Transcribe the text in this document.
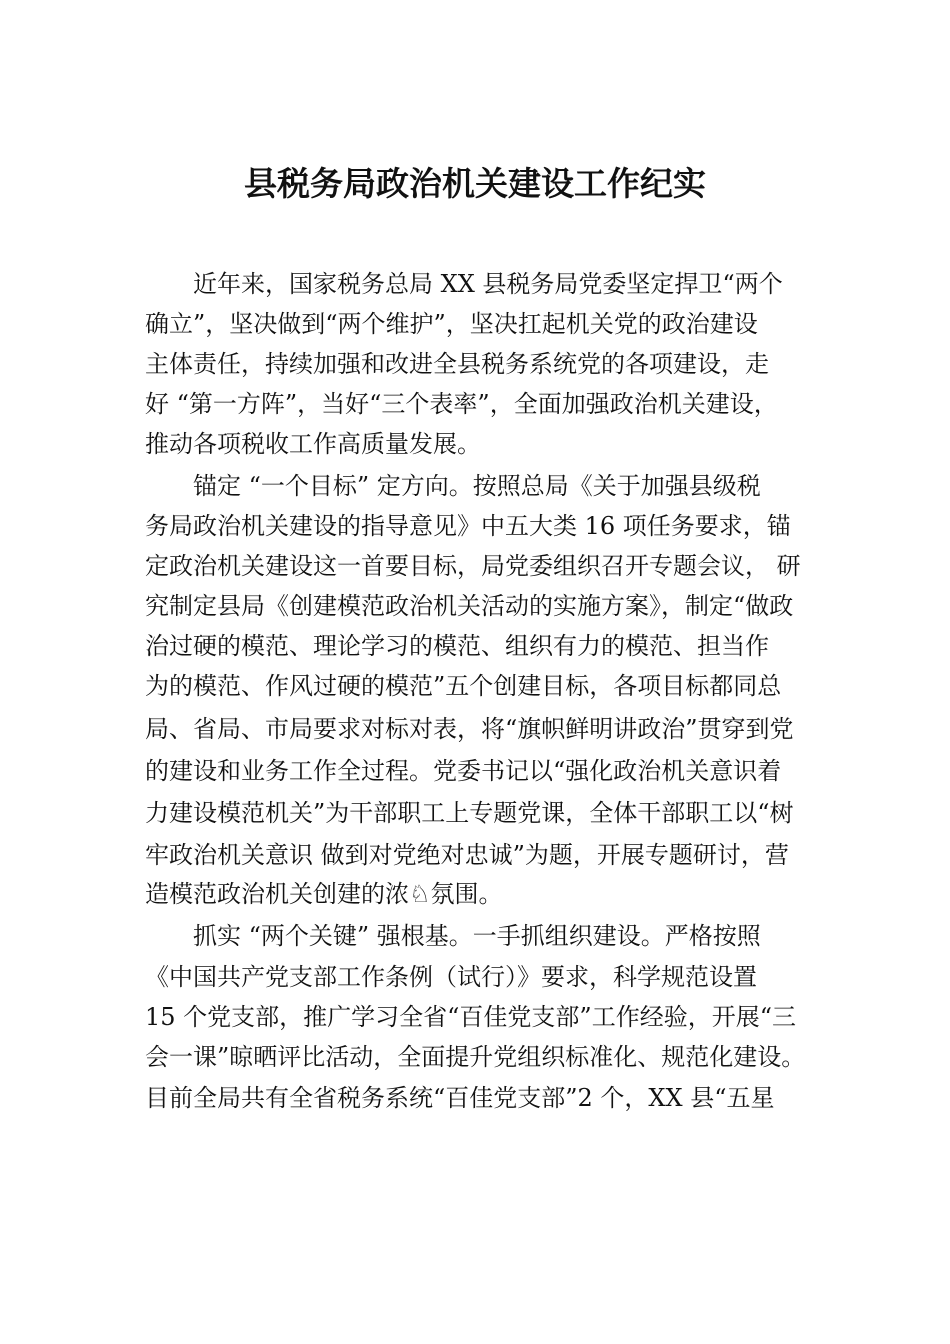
县税务局政治机关建设工作纪实

近年来，国家税务总局 XX 县税务局党委坚定捍卫“两个

确立”，坚决做到“两个维护”，坚决扛起机关党的政治建设

主体责任，持续加强和改进全县税务系统党的各项建设，走

好 “第一方阵”，当好“三个表率”，全面加强政治机关建设，

推动各项税收工作高质量发展。

锚定 “一个目标” 定方向。按照总局《关于加强县级税

务局政治机关建设的指导意见》中五大类 16 项任务要求，锚

定政治机关建设这一首要目标，局党委组织召开专题会议， 研

究制定县局《创建模范政治机关活动的实施方案》，制定“做政

治过硬的模范、理论学习的模范、组织有力的模范、担当作

为的模范、作风过硬的模范”五个创建目标，各项目标都同总

局、省局、市局要求对标对表，将“旗帜鲜明讲政治”贯穿到党

的建设和业务工作全过程。党委书记以“强化政治机关意识着

力建设模范机关”为干部职工上专题党课，全体干部职工以“树

牢政治机关意识 做到对党绝对忠诚”为题，开展专题研讨，营

造模范政治机关创建的浓♘氛围。

抓实 “两个关键” 强根基。一手抓组织建设。严格按照

《中国共产党支部工作条例（试行）》要求，科学规范设置

15 个党支部，推广学习全省“百佳党支部”工作经验，开展“三

会一课”晾晒评比活动，全面提升党组织标准化、规范化建设。

目前全局共有全省税务系统“百佳党支部”2 个，XX 县“五星
